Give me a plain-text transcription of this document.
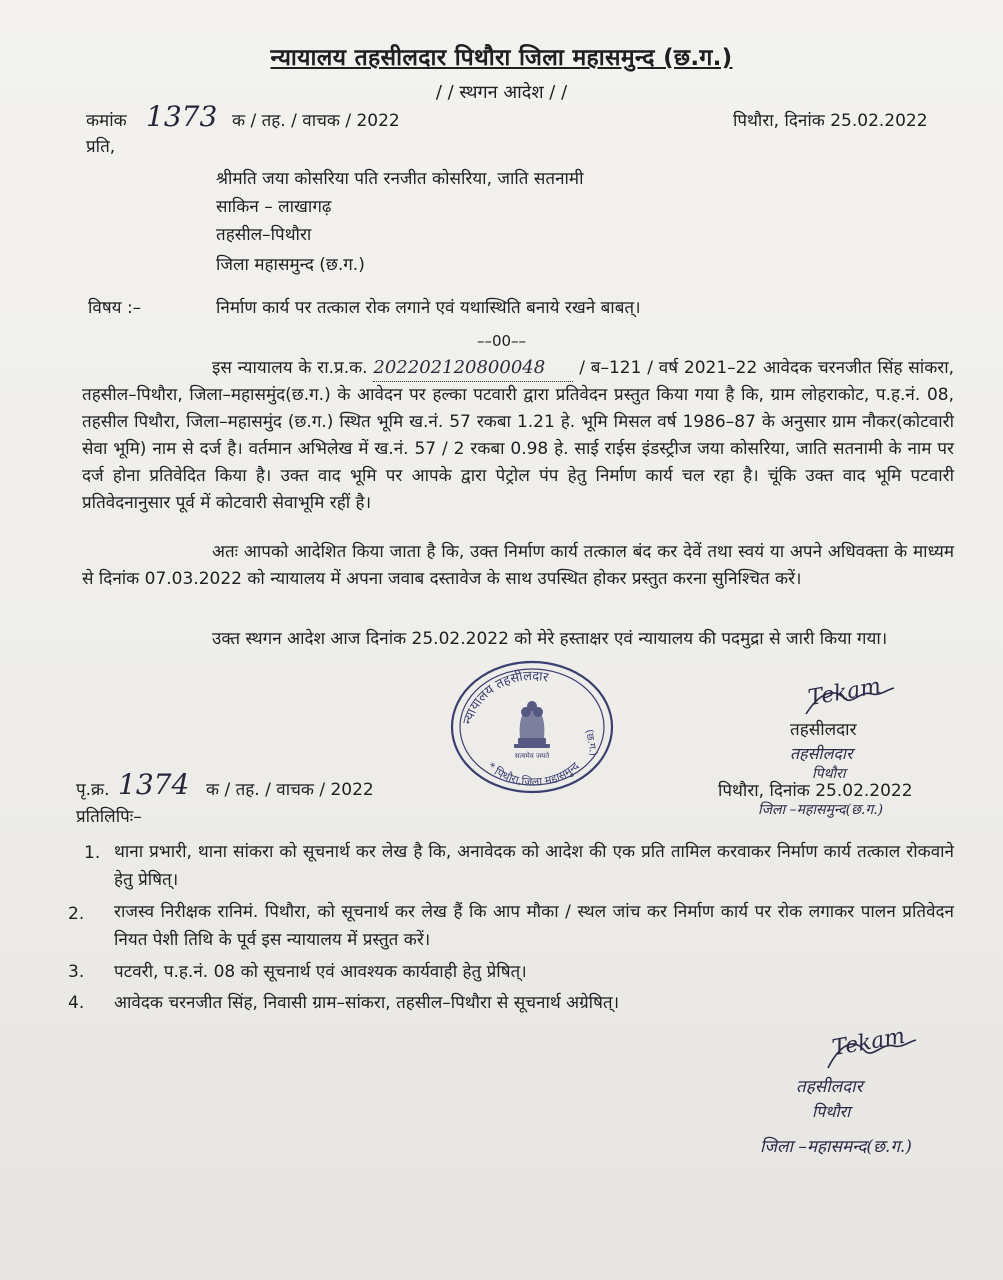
न्यायालय तहसीलदार पिथौरा जिला महासमुन्द (छ.ग.)
/ / स्थगन आदेश / /
कमांक 1373 क / तह. / वाचक / 2022	पिथौरा, दिनांक 25.02.2022
प्रति,
श्रीमति जया कोसरिया पति रनजीत कोसरिया, जाति सतनामी
साकिन – लाखागढ़
तहसील–पिथौरा
जिला महासमुन्द (छ.ग.)
विषय :–	निर्माण कार्य पर तत्काल रोक लगाने एवं यथास्थिति बनाये रखने बाबत्।
––00––

इस न्यायालय के रा.प्र.क. 202202120800048 / ब–121 / वर्ष 2021–22 आवेदक चरनजीत सिंह सांकरा, तहसील–पिथौरा, जिला–महासमुंद(छ.ग.) के आवेदन पर हल्का पटवारी द्वारा प्रतिवेदन प्रस्तुत किया गया है कि, ग्राम लोहराकोट, प.ह.नं. 08, तहसील पिथौरा, जिला–महासमुंद (छ.ग.) स्थित भूमि ख.नं. 57 रकबा 1.21 हे. भूमि मिसल वर्ष 1986–87 के अनुसार ग्राम नौकर(कोटवारी सेवा भूमि) नाम से दर्ज है। वर्तमान अभिलेख में ख.नं. 57 / 2 रकबा 0.98 हे. साई राईस इंडस्ट्रीज जया कोसरिया, जाति सतनामी के नाम पर दर्ज होना प्रतिवेदित किया है। उक्त वाद भूमि पर आपके द्वारा पेट्रोल पंप हेतु निर्माण कार्य चल रहा है। चूंकि उक्त वाद भूमि पटवारी प्रतिवेदनानुसार पूर्व में कोटवारी सेवाभूमि रहीं है।

अतः आपको आदेशित किया जाता है कि, उक्त निर्माण कार्य तत्काल बंद कर देवें तथा स्वयं या अपने अधिवक्ता के माध्यम से दिनांक 07.03.2022 को न्यायालय में अपना जवाब दस्तावेज के साथ उपस्थित होकर प्रस्तुत करना सुनिश्चित करें।

उक्त स्थगन आदेश आज दिनांक 25.02.2022 को मेरे हस्ताक्षर एवं न्यायालय की पदमुद्रा से जारी किया गया।

न्यायालय तहसीलदार
* पिथौरा,जिला महासमुन्द
(छ.ग.)
सत्यमेव जयते
Tekam
तहसीलदार
तहसीलदार
पिथौरा
पिथौरा, दिनांक 25.02.2022
जिला –महासमुन्द(छ.ग.)
पृ.क्र. 1374 क / तह. / वाचक / 2022
प्रतिलिपिः–
1. थाना प्रभारी, थाना सांकरा को सूचनार्थ कर लेख है कि, अनावेदक को आदेश की एक प्रति तामिल करवाकर निर्माण कार्य तत्काल रोकवाने हेतु प्रेषित्।
2. राजस्व निरीक्षक रानिमं. पिथौरा, को सूचनार्थ कर लेख हैं कि आप मौका / स्थल जांच कर निर्माण कार्य पर रोक लगाकर पालन प्रतिवेदन नियत पेशी तिथि के पूर्व इस न्यायालय में प्रस्तुत करें।
3. पटवरी, प.ह.नं. 08 को सूचनार्थ एवं आवश्यक कार्यवाही हेतु प्रेषित्।
4. आवेदक चरनजीत सिंह, निवासी ग्राम–सांकरा, तहसील–पिथौरा से सूचनार्थ अग्रेषित्।
Tekam
तहसीलदार
पिथौरा
जिला –महासमन्द(छ.ग.)
